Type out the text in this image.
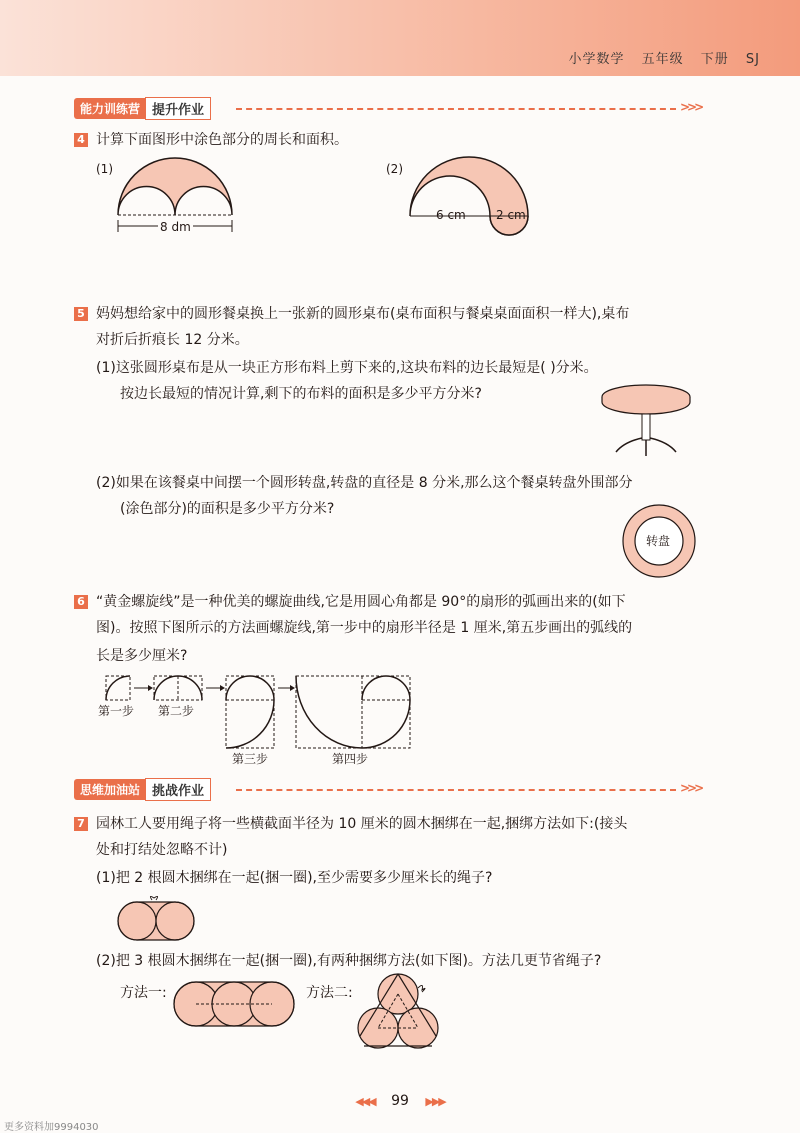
小学数学 五年级 下册 SJ
能力训练营 提升作业	>>>
4 计算下面图形中涂色部分的周长和面积。
(1)
8 dm
(2)
6 cm	2 cm
5 妈妈想给家中的圆形餐桌换上一张新的圆形桌布(桌布面积与餐桌桌面面积一样大),桌布
对折后折痕长 12 分米。
(1)这张圆形桌布是从一块正方形布料上剪下来的,这块布料的边长最短是( )分米。
按边长最短的情况计算,剩下的布料的面积是多少平方分米?
(2)如果在该餐桌中间摆一个圆形转盘,转盘的直径是 8 分米,那么这个餐桌转盘外围部分
(涂色部分)的面积是多少平方分米?
转盘
6 “黄金螺旋线”是一种优美的螺旋曲线,它是用圆心角都是 90°的扇形的弧画出来的(如下
图)。按照下图所示的方法画螺旋线,第一步中的扇形半径是 1 厘米,第五步画出的弧线的
长是多少厘米?
第一步 第二步
第三步	第四步
思维加油站 挑战作业	>>>
7 园林工人要用绳子将一些横截面半径为 10 厘米的圆木捆绑在一起,捆绑方法如下:(接头
处和打结处忽略不计)
(1)把 2 根圆木捆绑在一起(捆一圈),至少需要多少厘米长的绳子?
(2)把 3 根圆木捆绑在一起(捆一圈),有两种捆绑方法(如下图)。方法几更节省绳子?
方法一:	方法二:
◀◀◀ 99 ▶▶▶
更多资料加9994030
